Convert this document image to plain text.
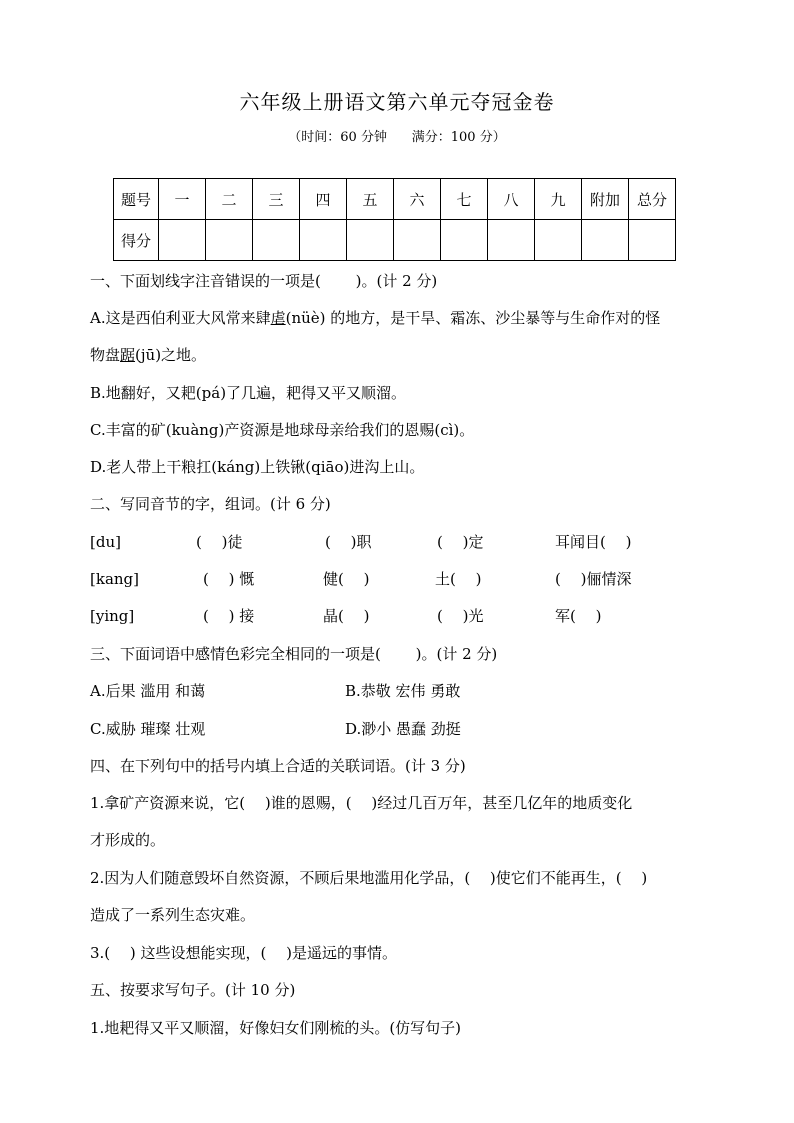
六年级上册语文第六单元夺冠金卷
（时间：60 分钟 满分：100 分）
题号	一	二	三	四	五	六	七	八	九	附加	总分
得分											
一、下面划线字注音错误的一项是(　　 )。(计 2 分)
A.这是西伯利亚大风常来肆虐(nüè) 的地方，是干旱、霜冻、沙尘暴等与生命作对的怪
物盘踞(jū)之地。
B.地翻好，又耙(pá)了几遍，耙得又平又顺溜。
C.丰富的矿(kuàng)产资源是地球母亲给我们的恩赐(cì)。
D.老人带上干粮扛(káng)上铁锹(qiāo)进沟上山。
二、写同音节的字，组词。(计 6 分)
[du]	(　 )徒	(　 )职	(　 )定	耳闻目(　 )
[kang]	(　 ) 慨	健(　 )	土(　 )	(　 )俪情深
[ying]	(　 ) 接	晶(　 )	(　 )光	军(　 )
三、下面词语中感情色彩完全相同的一项是(　　 )。(计 2 分)
A.后果 滥用 和蔼	B.恭敬 宏伟 勇敢
C.威胁 璀璨 壮观	D.渺小 愚蠢 劲挺
四、在下列句中的括号内填上合适的关联词语。(计 3 分)
1.拿矿产资源来说，它(　 )谁的恩赐，(　 )经过几百万年，甚至几亿年的地质变化
才形成的。
2.因为人们随意毁坏自然资源，不顾后果地滥用化学品，(　 )使它们不能再生，(　 )
造成了一系列生态灾难。
3.(　 ) 这些设想能实现，(　 )是遥远的事情。
五、按要求写句子。(计 10 分)
1.地耙得又平又顺溜，好像妇女们刚梳的头。(仿写句子)
